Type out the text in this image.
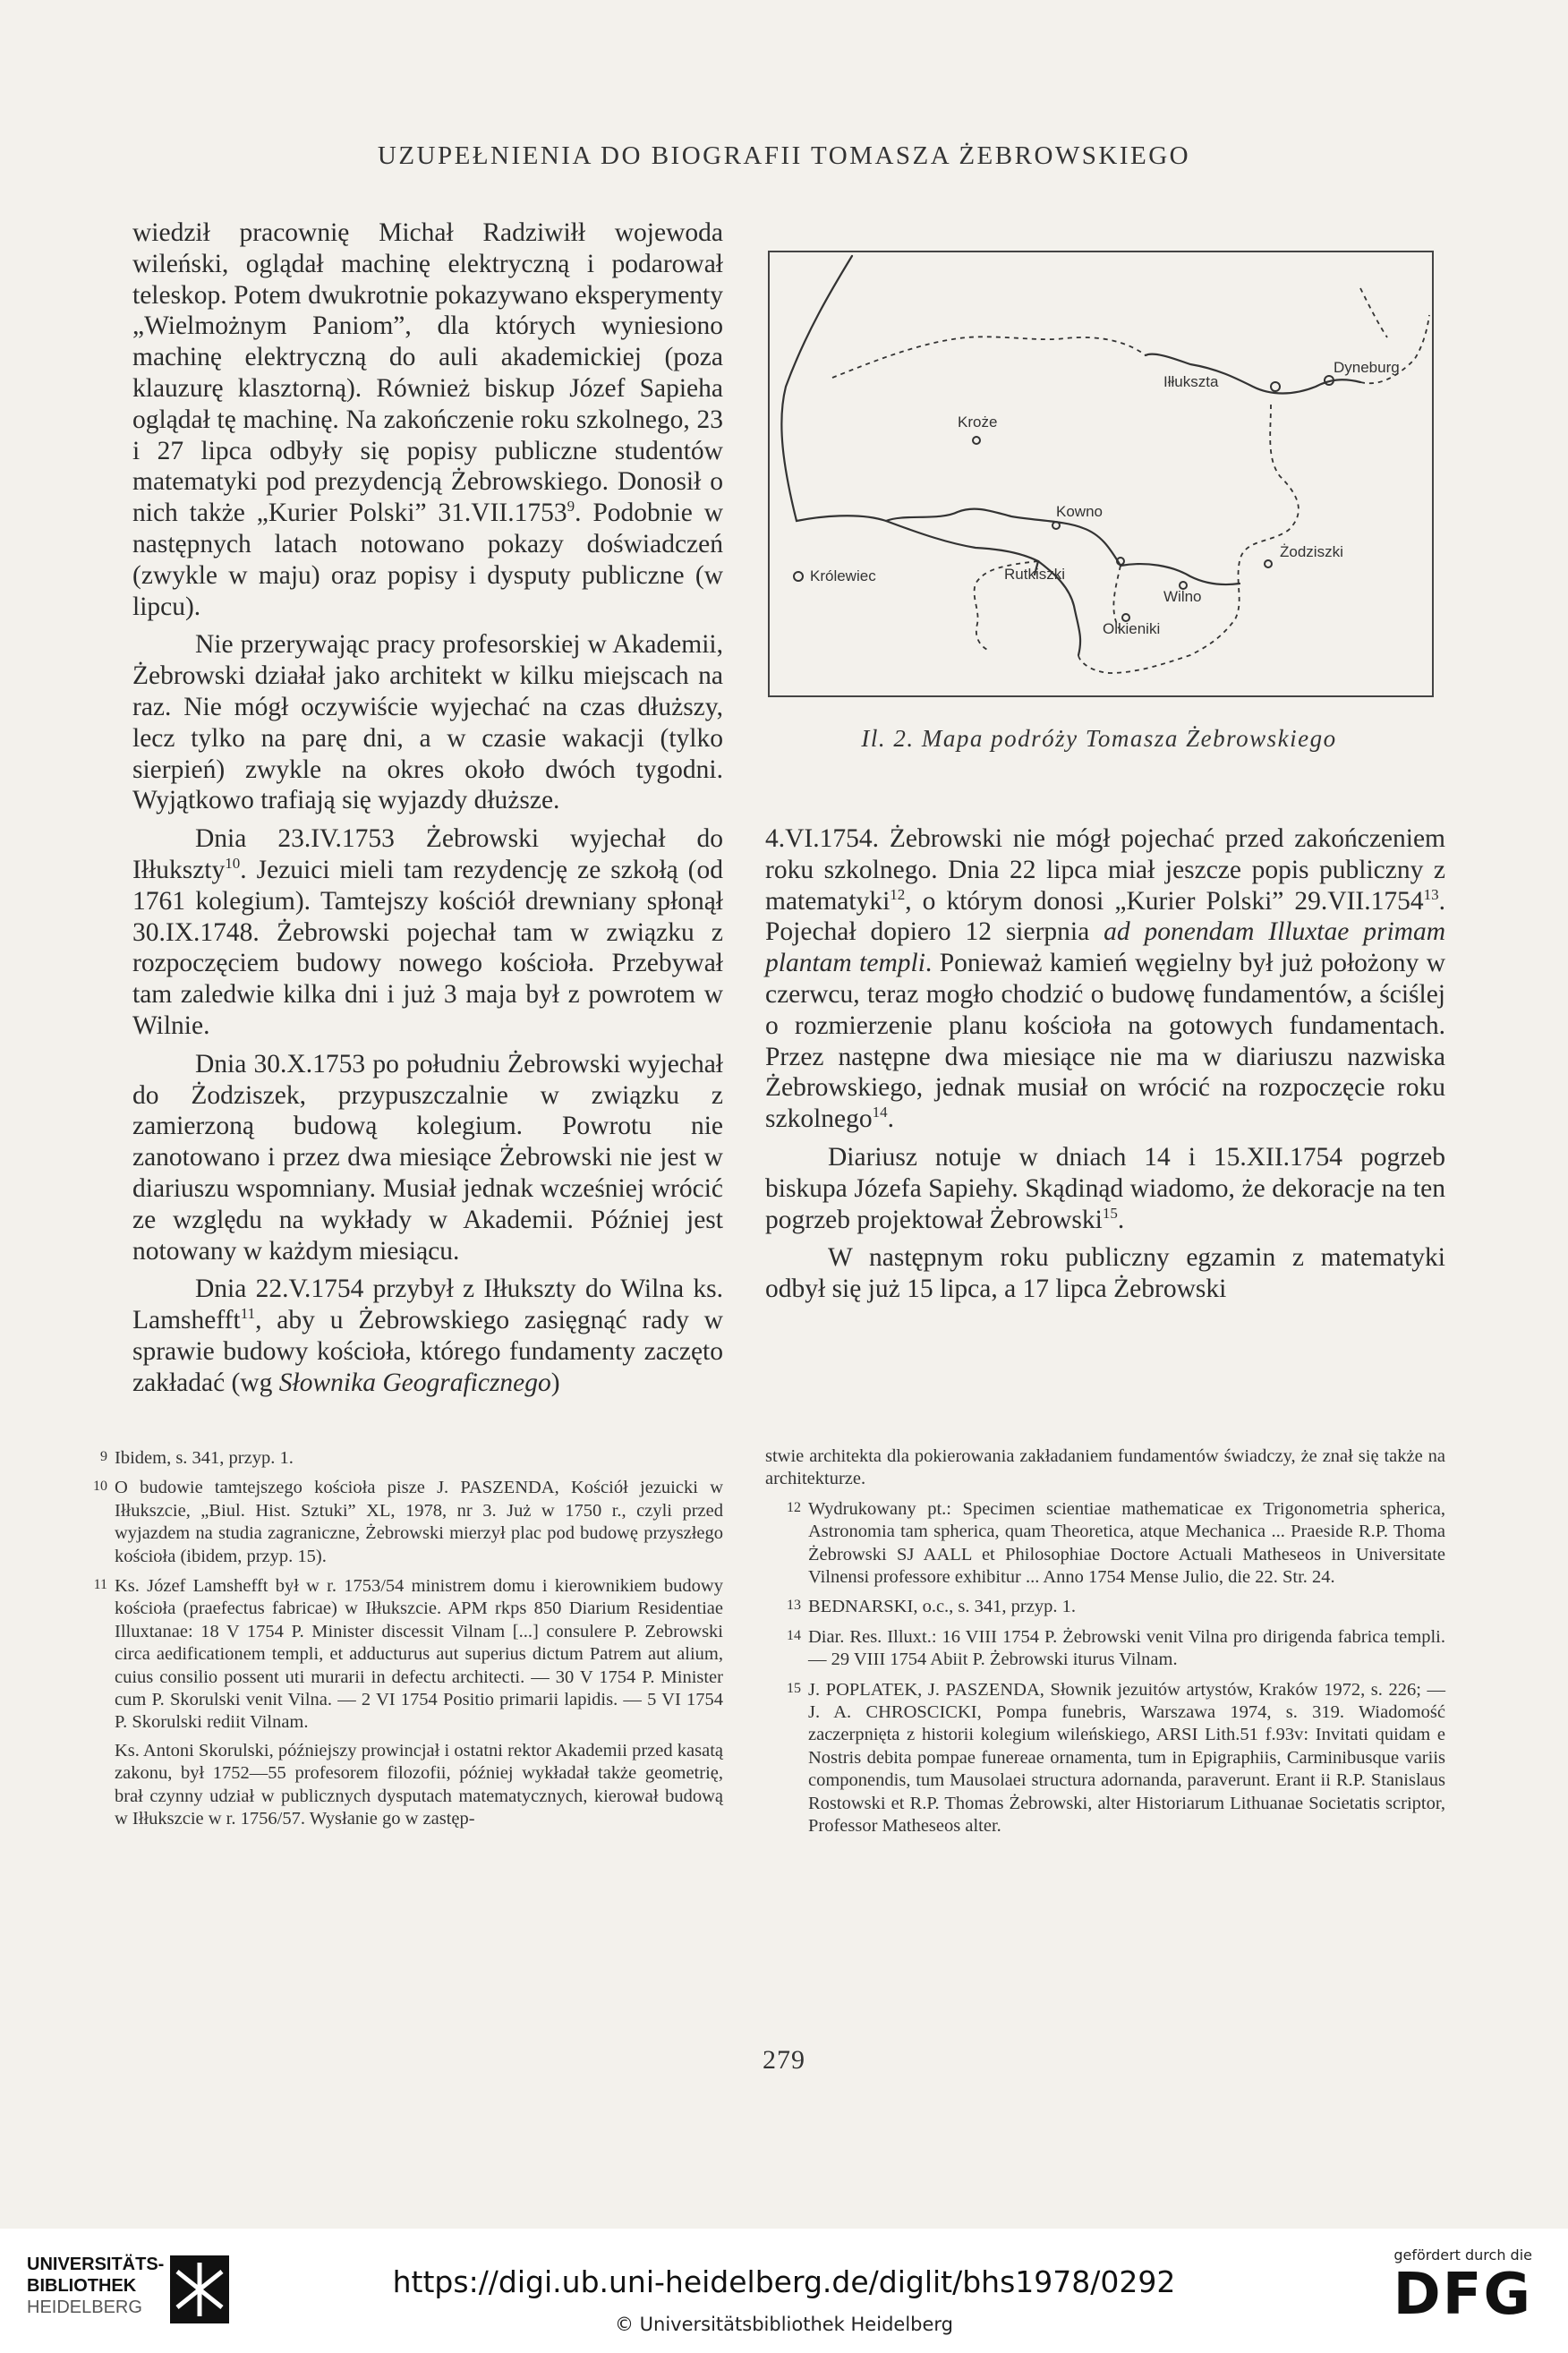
UZUPEŁNIENIA DO BIOGRAFII TOMASZA ŻEBROWSKIEGO

wiedził pracownię Michał Radziwiłł wojewoda wileński, oglądał machinę elektryczną i podarował teleskop. Potem dwukrotnie pokazywano eksperymenty „Wielmożnym Paniom”, dla których wyniesiono machinę elektryczną do auli akademickiej (poza klauzurę klasztorną). Również biskup Józef Sapieha oglądał tę machinę. Na zakończenie roku szkolnego, 23 i 27 lipca odbyły się popisy publiczne studentów matematyki pod prezydencją Żebrowskiego. Donosił o nich także „Kurier Polski” 31.VII.1753$^9$. Podobnie w następnych latach notowano pokazy doświadczeń (zwykle w maju) oraz popisy i dysputy publiczne (w lipcu).

Nie przerywając pracy profesorskiej w Akademii, Żebrowski działał jako architekt w kilku miejscach na raz. Nie mógł oczywiście wyjechać na czas dłuższy, lecz tylko na parę dni, a w czasie wakacji (tylko sierpień) zwykle na okres około dwóch tygodni. Wyjątkowo trafiają się wyjazdy dłuższe.

Dnia 23.IV.1753 Żebrowski wyjechał do Iłłukszty$^{10}$. Jezuici mieli tam rezydencję ze szkołą (od 1761 kolegium). Tamtejszy kościół drewniany spłonął 30.IX.1748. Żebrowski pojechał tam w związku z rozpoczęciem budowy nowego kościoła. Przebywał tam zaledwie kilka dni i już 3 maja był z powrotem w Wilnie.

Dnia 30.X.1753 po południu Żebrowski wyjechał do Żodziszek, przypuszczalnie w związku z zamierzoną budową kolegium. Powrotu nie zanotowano i przez dwa miesiące Żebrowski nie jest w diariuszu wspomniany. Musiał jednak wcześniej wrócić ze względu na wykłady w Akademii. Później jest notowany w każdym miesiącu.

Dnia 22.V.1754 przybył z Iłłukszty do Wilna ks. Lamshefft$^{11}$, aby u Żebrowskiego zasięgnąć rady w sprawie budowy kościoła, którego fundamenty zaczęto zakładać (wg Słownika Geograficznego)

Dyneburg
Iłłukszta
Kroże
Kowno
Królewiec	Rutkiszki
Wilno
Żodziszki
Olkieniki
Il. 2. Mapa podróży Tomasza Żebrowskiego

4.VI.1754. Żebrowski nie mógł pojechać przed zakończeniem roku szkolnego. Dnia 22 lipca miał jeszcze popis publiczny z matematyki$^{12}$, o którym donosi „Kurier Polski” 29.VII.1754$^{13}$. Pojechał dopiero 12 sierpnia ad ponendam Illuxtae primam plantam templi. Ponieważ kamień węgielny był już położony w czerwcu, teraz mogło chodzić o budowę fundamentów, a ściślej o rozmierzenie planu kościoła na gotowych fundamentach. Przez następne dwa miesiące nie ma w diariuszu nazwiska Żebrowskiego, jednak musiał on wrócić na rozpoczęcie roku szkolnego$^{14}$.

Diariusz notuje w dniach 14 i 15.XII.1754 pogrzeb biskupa Józefa Sapiehy. Skądinąd wiadomo, że dekoracje na ten pogrzeb projektował Żebrowski$^{15}$.

W następnym roku publiczny egzamin z matematyki odbył się już 15 lipca, a 17 lipca Żebrowski

9 Ibidem, s. 341, przyp. 1.

10 O budowie tamtejszego kościoła pisze J. PASZENDA, Kościół jezuicki w Iłłukszcie, „Biul. Hist. Sztuki” XL, 1978, nr 3. Już w 1750 r., czyli przed wyjazdem na studia zagraniczne, Żebrowski mierzył plac pod budowę przyszłego kościoła (ibidem, przyp. 15).

11 Ks. Józef Lamshefft był w r. 1753/54 ministrem domu i kierownikiem budowy kościoła (praefectus fabricae) w Iłłukszcie. APM rkps 850 Diarium Residentiae Illuxtanae: 18 V 1754 P. Minister discessit Vilnam [...] consulere P. Zebrowski circa aedificationem templi, et adducturus aut superius dictum Patrem aut alium, cuius consilio possent uti murarii in defectu architecti. — 30 V 1754 P. Minister cum P. Skorulski venit Vilna. — 2 VI 1754 Positio primarii lapidis. — 5 VI 1754 P. Skorulski rediit Vilnam.

Ks. Antoni Skorulski, późniejszy prowincjał i ostatni rektor Akademii przed kasatą zakonu, był 1752—55 profesorem filozofii, później wykładał także geometrię, brał czynny udział w publicznych dysputach matematycznych, kierował budową w Iłłukszcie w r. 1756/57. Wysłanie go w zastęp-

stwie architekta dla pokierowania zakładaniem fundamentów świadczy, że znał się także na architekturze.

12 Wydrukowany pt.: Specimen scientiae mathematicae ex Trigonometria spherica, Astronomia tam spherica, quam Theoretica, atque Mechanica ... Praeside R.P. Thoma Żebrowski SJ AALL et Philosophiae Doctore Actuali Matheseos in Universitate Vilnensi professore exhibitur ... Anno 1754 Mense Julio, die 22. Str. 24.

13 BEDNARSKI, o.c., s. 341, przyp. 1.

14 Diar. Res. Illuxt.: 16 VIII 1754 P. Żebrowski venit Vilna pro dirigenda fabrica templi. — 29 VIII 1754 Abiit P. Żebrowski iturus Vilnam.

15 J. POPLATEK, J. PASZENDA, Słownik jezuitów artystów, Kraków 1972, s. 226; — J. A. CHROSCICKI, Pompa funebris, Warszawa 1974, s. 319. Wiadomość zaczerpnięta z historii kolegium wileńskiego, ARSI Lith.51 f.93v: Invitati quidam e Nostris debita pompae funereae ornamenta, tum in Epigraphiis, Carminibusque variis componendis, tum Mausolaei structura adornanda, paraverunt. Erant ii R.P. Stanislaus Rostowski et R.P. Thomas Żebrowski, alter Historiarum Lithuanae Societatis scriptor, Professor Matheseos alter.

279
UNIVERSITÄTS-
BIBLIOTHEK
HEIDELBERG
https://digi.ub.uni-heidelberg.de/diglit/bhs1978/0292
© Universitätsbibliothek Heidelberg
gefördert durch die
DFG
